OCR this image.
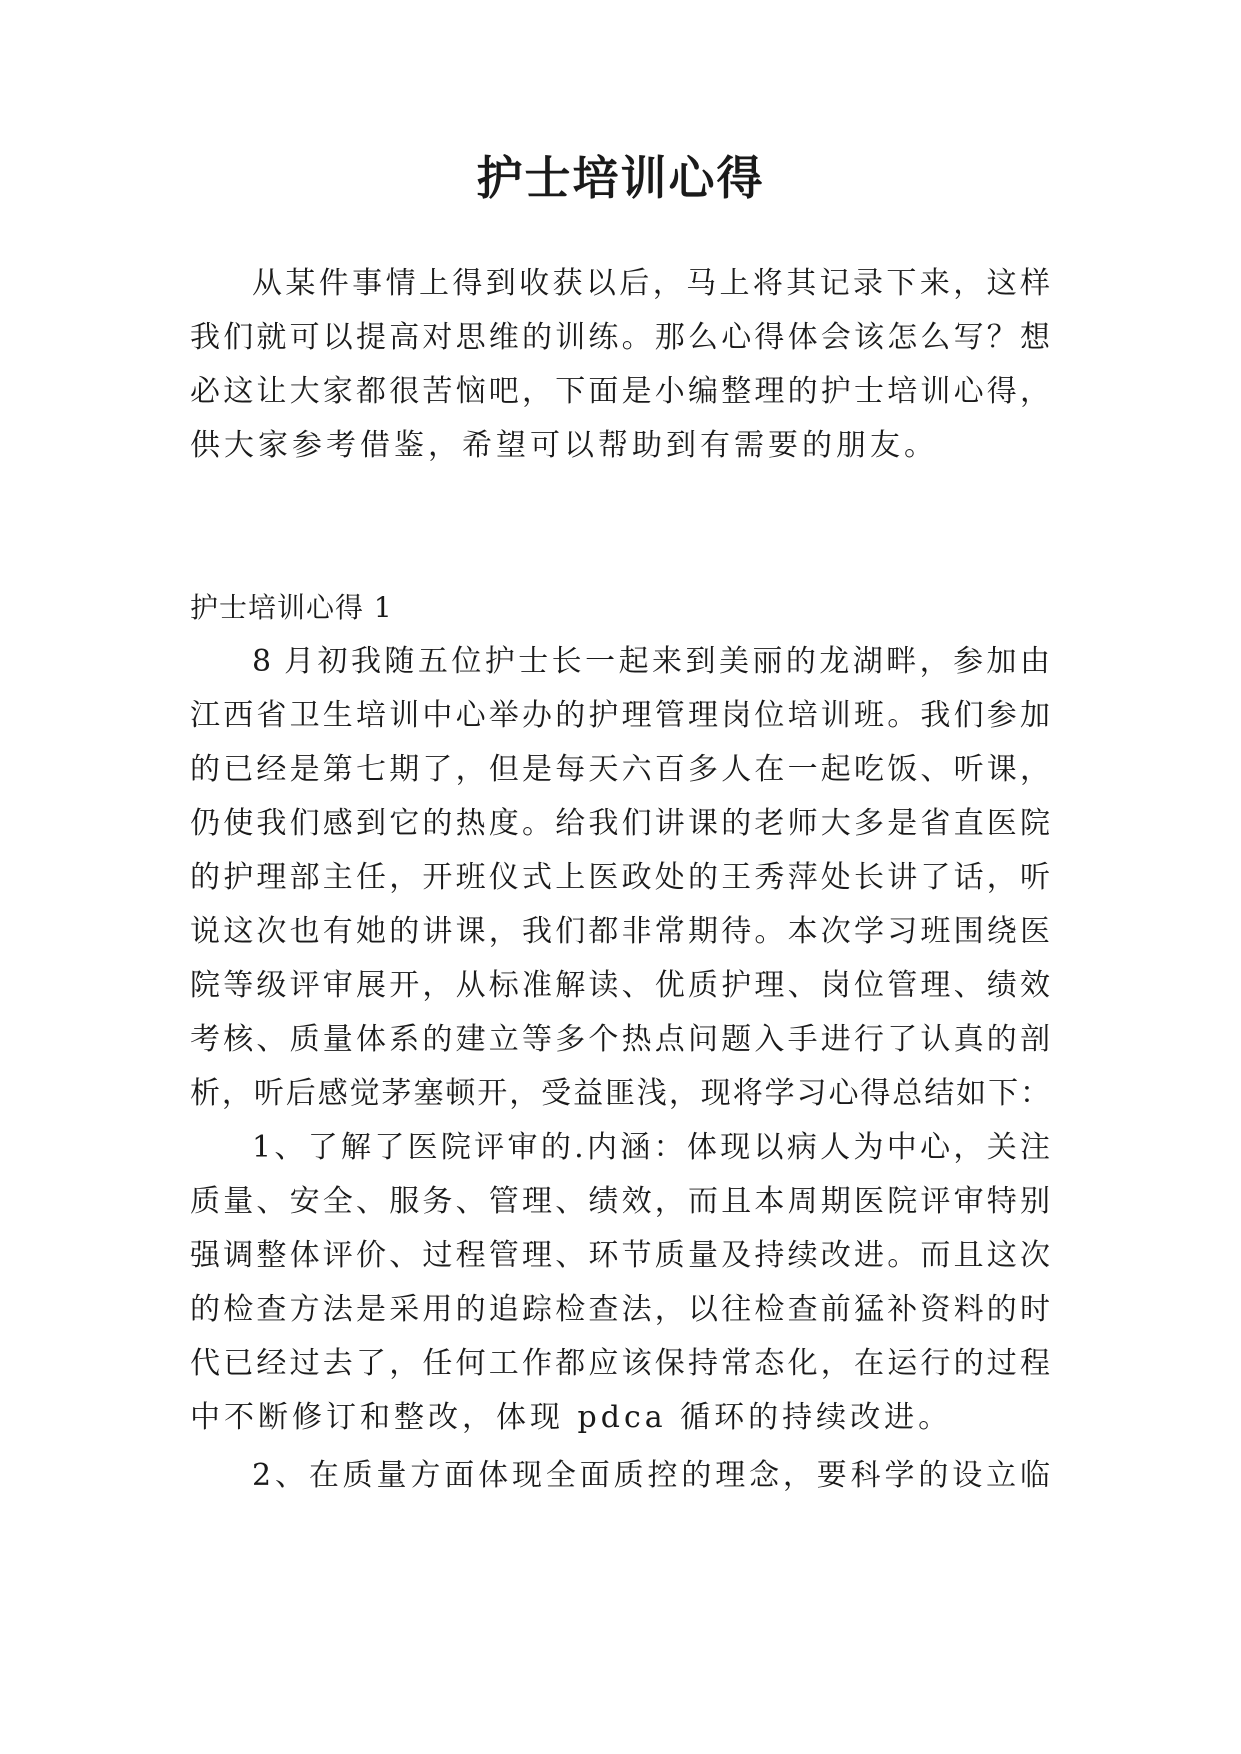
护士培训心得
从某件事情上得到收获以后，马上将其记录下来，这样
我们就可以提高对思维的训练。那么心得体会该怎么写？想
必这让大家都很苦恼吧，下面是小编整理的护士培训心得，
供大家参考借鉴，希望可以帮助到有需要的朋友。
护士培训心得 1
8 月初我随五位护士长一起来到美丽的龙湖畔，参加由
江西省卫生培训中心举办的护理管理岗位培训班。我们参加
的已经是第七期了，但是每天六百多人在一起吃饭、听课，
仍使我们感到它的热度。给我们讲课的老师大多是省直医院
的护理部主任，开班仪式上医政处的王秀萍处长讲了话，听
说这次也有她的讲课，我们都非常期待。本次学习班围绕医
院等级评审展开，从标准解读、优质护理、岗位管理、绩效
考核、质量体系的建立等多个热点问题入手进行了认真的剖
析，听后感觉茅塞顿开，受益匪浅，现将学习心得总结如下：
1、了解了医院评审的.内涵：体现以病人为中心，关注
质量、安全、服务、管理、绩效，而且本周期医院评审特别
强调整体评价、过程管理、环节质量及持续改进。而且这次
的检查方法是采用的追踪检查法，以往检查前猛补资料的时
代已经过去了，任何工作都应该保持常态化，在运行的过程
中不断修订和整改，体现 pdca 循环的持续改进。
2、在质量方面体现全面质控的理念，要科学的设立临
